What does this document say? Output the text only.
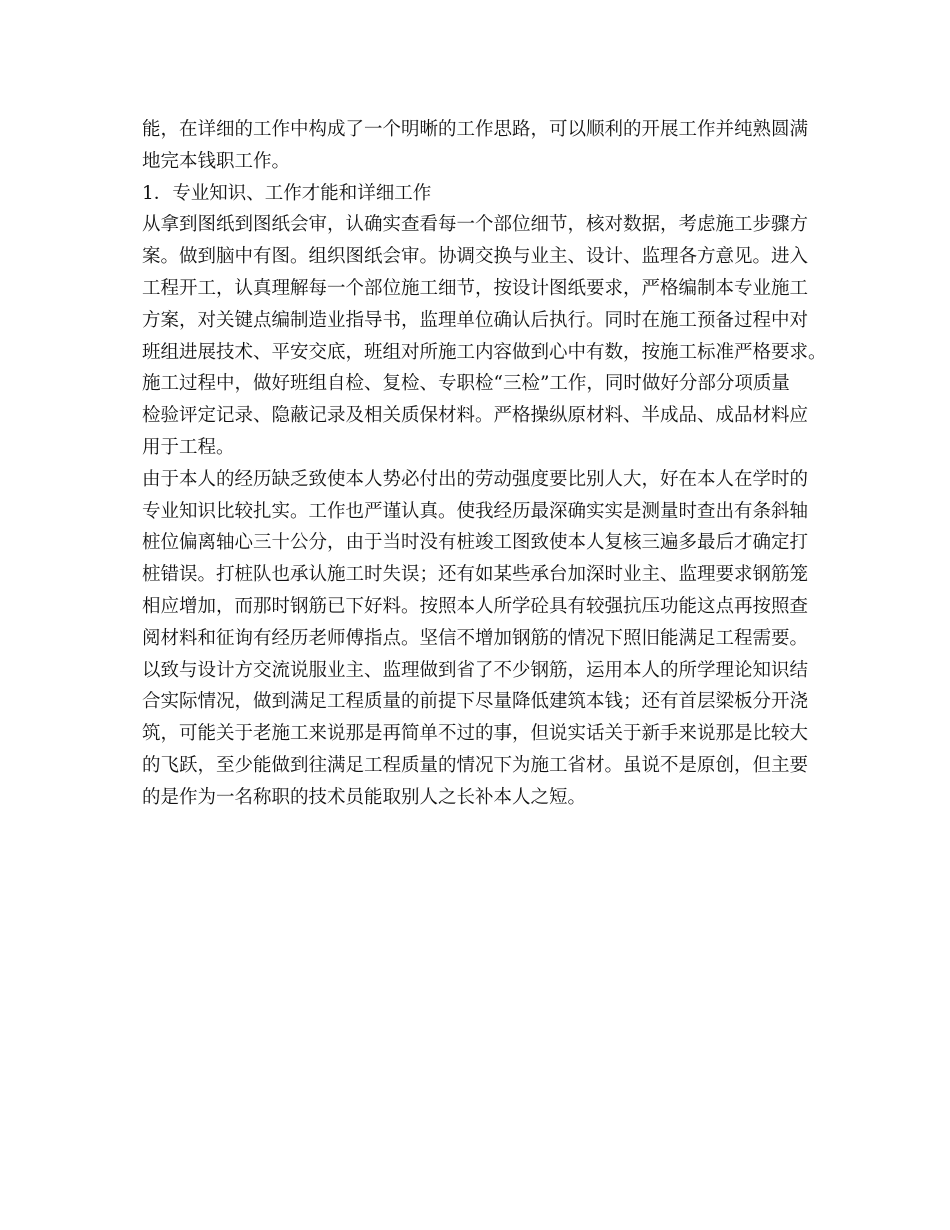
能，在详细的工作中构成了一个明晰的工作思路，可以顺利的开展工作并纯熟圆满
地完本钱职工作。
1．专业知识、工作才能和详细工作
从拿到图纸到图纸会审，认确实查看每一个部位细节，核对数据，考虑施工步骤方
案。做到脑中有图。组织图纸会审。协调交换与业主、设计、监理各方意见。进入
工程开工，认真理解每一个部位施工细节，按设计图纸要求，严格编制本专业施工
方案，对关键点编制造业指导书，监理单位确认后执行。同时在施工预备过程中对
班组进展技术、平安交底，班组对所施工内容做到心中有数，按施工标准严格要求。
施工过程中，做好班组自检、复检、专职检“三检”工作，同时做好分部分项质量
检验评定记录、隐蔽记录及相关质保材料。严格操纵原材料、半成品、成品材料应
用于工程。
由于本人的经历缺乏致使本人势必付出的劳动强度要比别人大，好在本人在学时的
专业知识比较扎实。工作也严谨认真。使我经历最深确实实是测量时查出有条斜轴
桩位偏离轴心三十公分，由于当时没有桩竣工图致使本人复核三遍多最后才确定打
桩错误。打桩队也承认施工时失误；还有如某些承台加深时业主、监理要求钢筋笼
相应增加，而那时钢筋已下好料。按照本人所学砼具有较强抗压功能这点再按照查
阅材料和征询有经历老师傅指点。坚信不增加钢筋的情况下照旧能满足工程需要。
以致与设计方交流说服业主、监理做到省了不少钢筋，运用本人的所学理论知识结
合实际情况，做到满足工程质量的前提下尽量降低建筑本钱；还有首层梁板分开浇
筑，可能关于老施工来说那是再简单不过的事，但说实话关于新手来说那是比较大
的飞跃，至少能做到往满足工程质量的情况下为施工省材。虽说不是原创，但主要
的是作为一名称职的技术员能取别人之长补本人之短。
